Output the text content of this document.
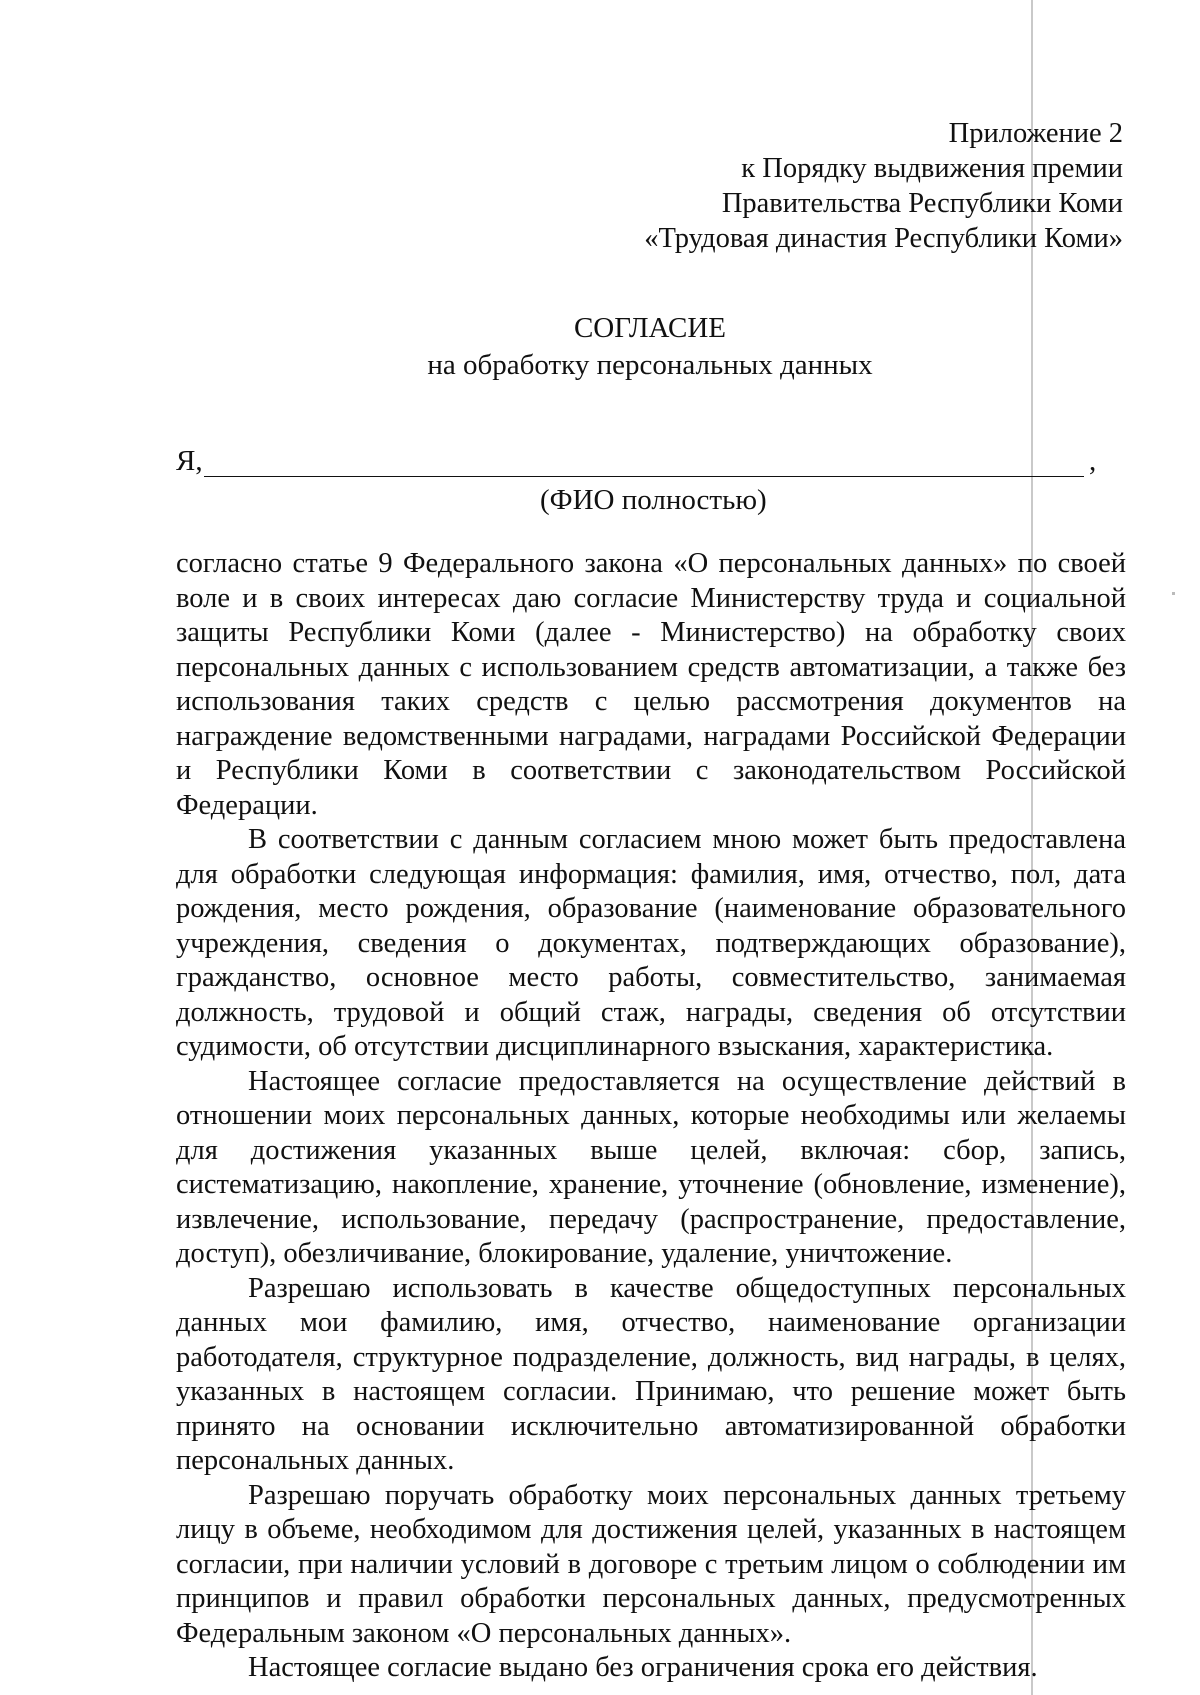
Приложение 2
к Порядку выдвижения премии
Правительства Республики Коми
«Трудовая династия Республики Коми»
СОГЛАСИЕ
на обработку персональных данных
Я,	,
(ФИО полностью)

согласно статье 9 Федерального закона «О персональных данных» по своей воле и в своих интересах даю согласие Министерству труда и социальной защиты Республики Коми (далее - Министерство) на обработку своих персональных данных с использованием средств автоматизации, а также без использования таких средств с целью рассмотрения документов на награждение ведомственными наградами, наградами Российской Федерации и Республики Коми в соответствии с законодательством Российской Федерации.

В соответствии с данным согласием мною может быть предоставлена для обработки следующая информация: фамилия, имя, отчество, пол, дата рождения, место рождения, образование (наименование образовательного учреждения, сведения о документах, подтверждающих образование), гражданство, основное место работы, совместительство, занимаемая должность, трудовой и общий стаж, награды, сведения об отсутствии судимости, об отсутствии дисциплинарного взыскания, характеристика.

Настоящее согласие предоставляется на осуществление действий в отношении моих персональных данных, которые необходимы или желаемы для достижения указанных выше целей, включая: сбор, запись, систематизацию, накопление, хранение, уточнение (обновление, изменение), извлечение, использование, передачу (распространение, предоставление, доступ), обезличивание, блокирование, удаление, уничтожение.

Разрешаю использовать в качестве общедоступных персональных данных мои фамилию, имя, отчество, наименование организации работодателя, структурное подразделение, должность, вид награды, в целях, указанных в настоящем согласии. Принимаю, что решение может быть принято на основании исключительно автоматизированной обработки персональных данных.

Разрешаю поручать обработку моих персональных данных третьему лицу в объеме, необходимом для достижения целей, указанных в настоящем согласии, при наличии условий в договоре с третьим лицом о соблюдении им принципов и правил обработки персональных данных, предусмотренных Федеральным законом «О персональных данных».

Настоящее согласие выдано без ограничения срока его действия.
